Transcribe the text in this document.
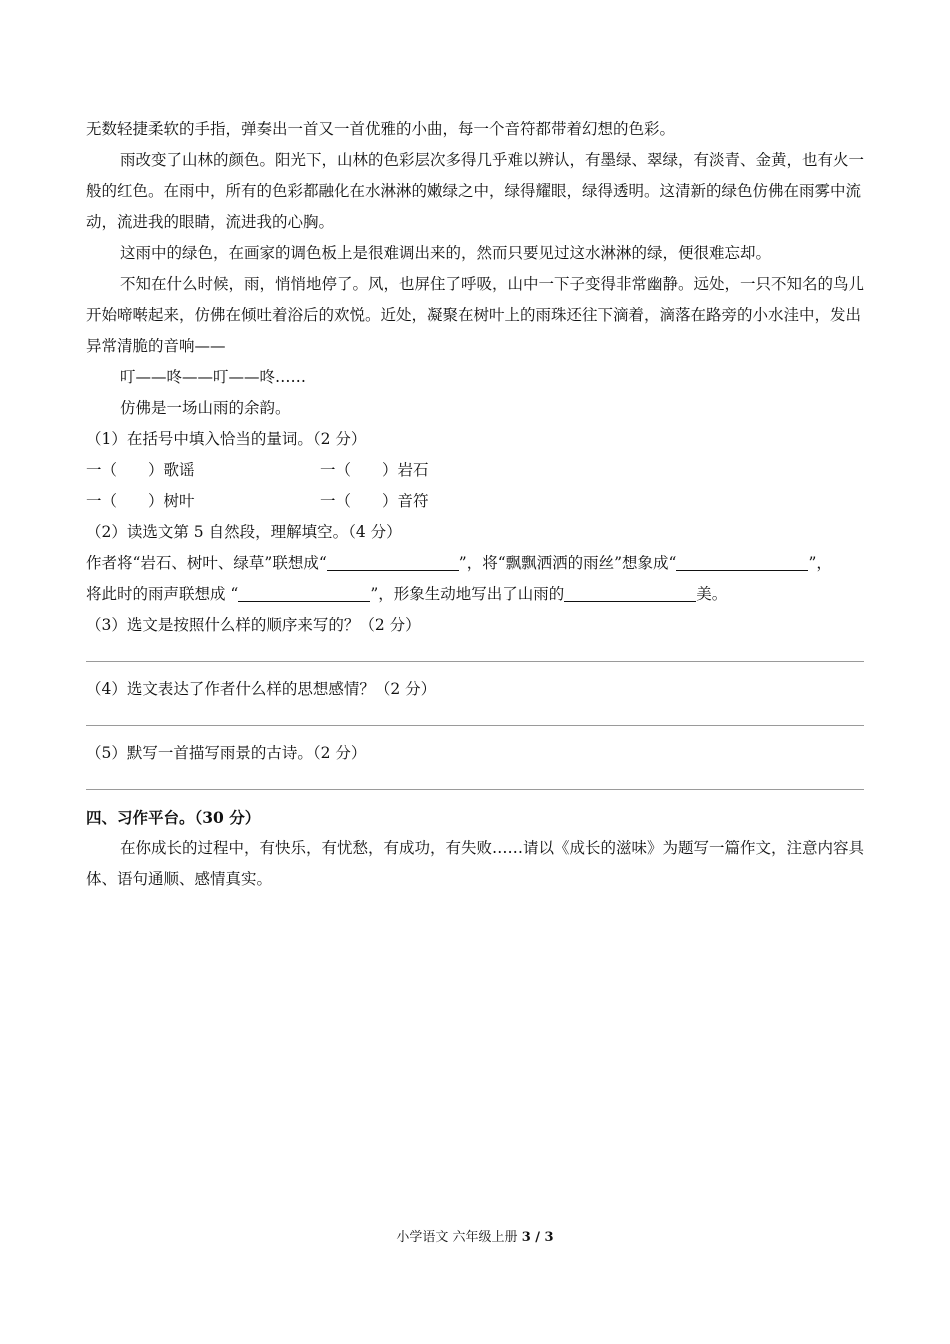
无数轻捷柔软的手指，弹奏出一首又一首优雅的小曲，每一个音符都带着幻想的色彩。

雨改变了山林的颜色。阳光下，山林的色彩层次多得几乎难以辨认，有墨绿、翠绿，有淡青、金黄，也有火一般的红色。在雨中，所有的色彩都融化在水淋淋的嫩绿之中，绿得耀眼，绿得透明。这清新的绿色仿佛在雨雾中流动，流进我的眼睛，流进我的心胸。

这雨中的绿色，在画家的调色板上是很难调出来的，然而只要见过这水淋淋的绿，便很难忘却。

不知在什么时候，雨，悄悄地停了。风，也屏住了呼吸，山中一下子变得非常幽静。远处，一只不知名的鸟儿开始啼啭起来，仿佛在倾吐着浴后的欢悦。近处，凝聚在树叶上的雨珠还往下滴着，滴落在路旁的小水洼中，发出异常清脆的音响——

叮——咚——叮——咚……

仿佛是一场山雨的余韵。

（1）在括号中填入恰当的量词。（2 分）

一（　　）歌谣	一（　　）岩石
一（　　）树叶	一（　　）音符

（2）读选文第 5 自然段，理解填空。（4 分）

作者将“岩石、树叶、绿草”联想成“	”，将“飘飘洒洒的雨丝”想象成“	”，

将此时的雨声联想成 “	”，形象生动地写出了山雨的	美。

（3）选文是按照什么样的顺序来写的？（2 分）

（4）选文表达了作者什么样的思想感情？（2 分）

（5）默写一首描写雨景的古诗。（2 分）

四、习作平台。（30 分）

在你成长的过程中，有快乐，有忧愁，有成功，有失败……请以《成长的滋味》为题写一篇作文，注意内容具体、语句通顺、感情真实。

小学语文 六年级上册 3 / 3
